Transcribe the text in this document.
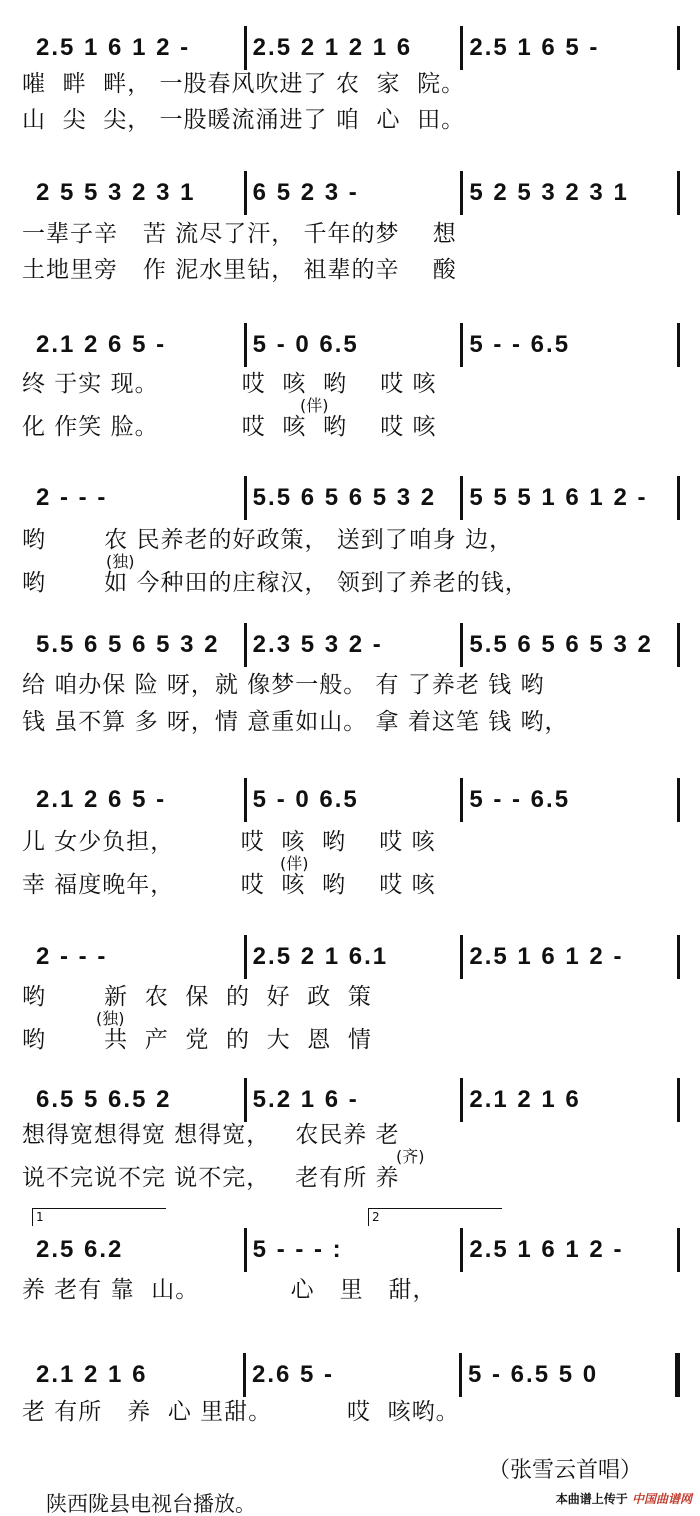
2.5 1 6 1 2 -	2.5 2 1 2 1 6	2.5 1 6 5 -
嗺  畔  畔， 一股春风吹进了 农  家  院。
山  尖  尖， 一股暖流涌进了 咱  心  田。
2 5 5 3 2 3 1	6 5 2 3 -	5 2 5 3 2 3 1
一辈子辛   苦 流尽了汗， 千年的梦    想
土地里旁   作 泥水里钻， 祖辈的辛    酸
2.1 2 6 5 -	5 - 0 6.5	5 - - 6.5
终 于实 现。          哎  咳  哟    哎 咳
化 作笑 脸。          哎  咳  哟    哎 咳
(伴)
2 - - -	5.5 6 5 6 5 3 2	5 5 5 1 6 1 2 -
哟       农 民养老的好政策， 送到了咱身 边，
哟       如 今种田的庄稼汉， 领到了养老的钱，
(独)
5.5 6 5 6 5 3 2	2.3 5 3 2 -	5.5 6 5 6 5 3 2
给 咱办保 险 呀，就 像梦一般。 有 了养老 钱 哟
钱 虽不算 多 呀，情 意重如山。 拿 着这笔 钱 哟，
2.1 2 6 5 -	5 - 0 6.5	5 - - 6.5
儿 女少负担，        哎  咳  哟    哎 咳
幸 福度晚年，        哎  咳  哟    哎 咳
(伴)
2 - - -	2.5 2 1 6.1	2.5 1 6 1 2 -
哟       新  农  保  的  好  政  策
哟       共  产  党  的  大  恩  情
(独)
6.5 5 6.5 2	5.2 1 6 -	2.1 2 1 6
想得宽想得宽 想得宽，   农民养 老
说不完说不完 说不完，   老有所 养
(齐)
2.5 6.2	5 - - - :	2.5 1 6 1 2 -
1	2
养 老有 靠  山。           心   里   甜，
2.1 2 1 6	2.6 5 -	5 - 6.5 5 0
老 有所   养  心 里甜。         哎  咳哟。
（张雪云首唱）
陕西陇县电视台播放。	本曲谱上传于 中国曲谱网
